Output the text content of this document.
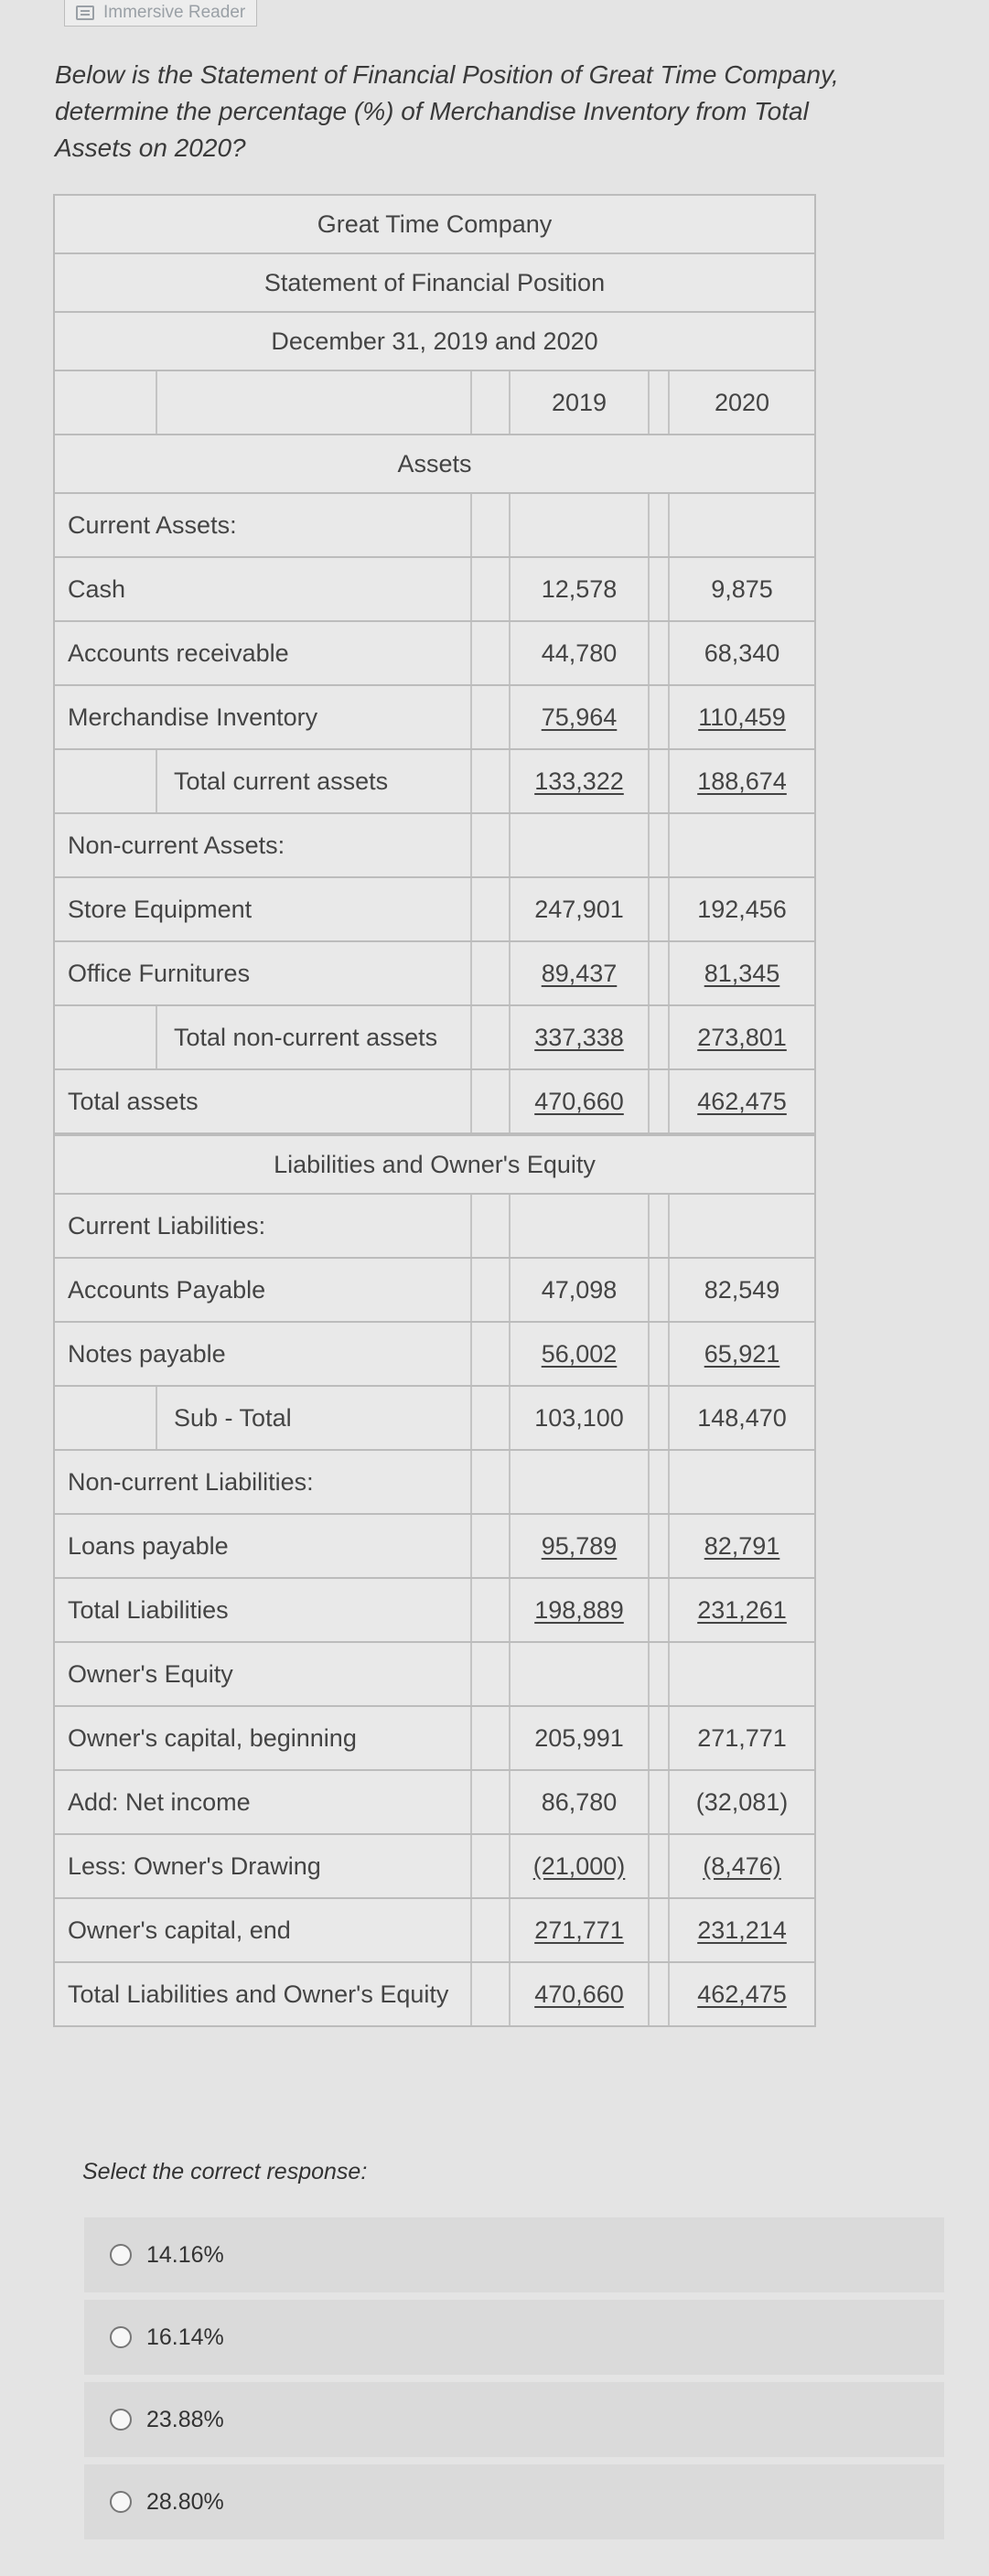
Immersive Reader
Below is the Statement of Financial Position of Great Time Company, determine the percentage (%) of Merchandise Inventory from Total Assets on 2020?
Great Time Company
Statement of Financial Position
December 31, 2019 and 2020
2019	2020
Assets
Current Assets:
Cash	12,578	9,875
Accounts receivable	44,780	68,340
Merchandise Inventory	75,964	110,459
Total current assets	133,322	188,674
Non-current Assets:
Store Equipment	247,901	192,456
Office Furnitures	89,437	81,345
Total non-current assets	337,338	273,801
Total assets	470,660	462,475
Liabilities and Owner's Equity
Current Liabilities:
Accounts Payable	47,098	82,549
Notes payable	56,002	65,921
Sub - Total	103,100	148,470
Non-current Liabilities:
Loans payable	95,789	82,791
Total Liabilities	198,889	231,261
Owner's Equity
Owner's capital, beginning	205,991	271,771
Add: Net income	86,780	(32,081)
Less: Owner's Drawing	(21,000)	(8,476)
Owner's capital, end	271,771	231,214
Total Liabilities and Owner's Equity	470,660	462,475
Select the correct response:
14.16%
16.14%
23.88%
28.80%
